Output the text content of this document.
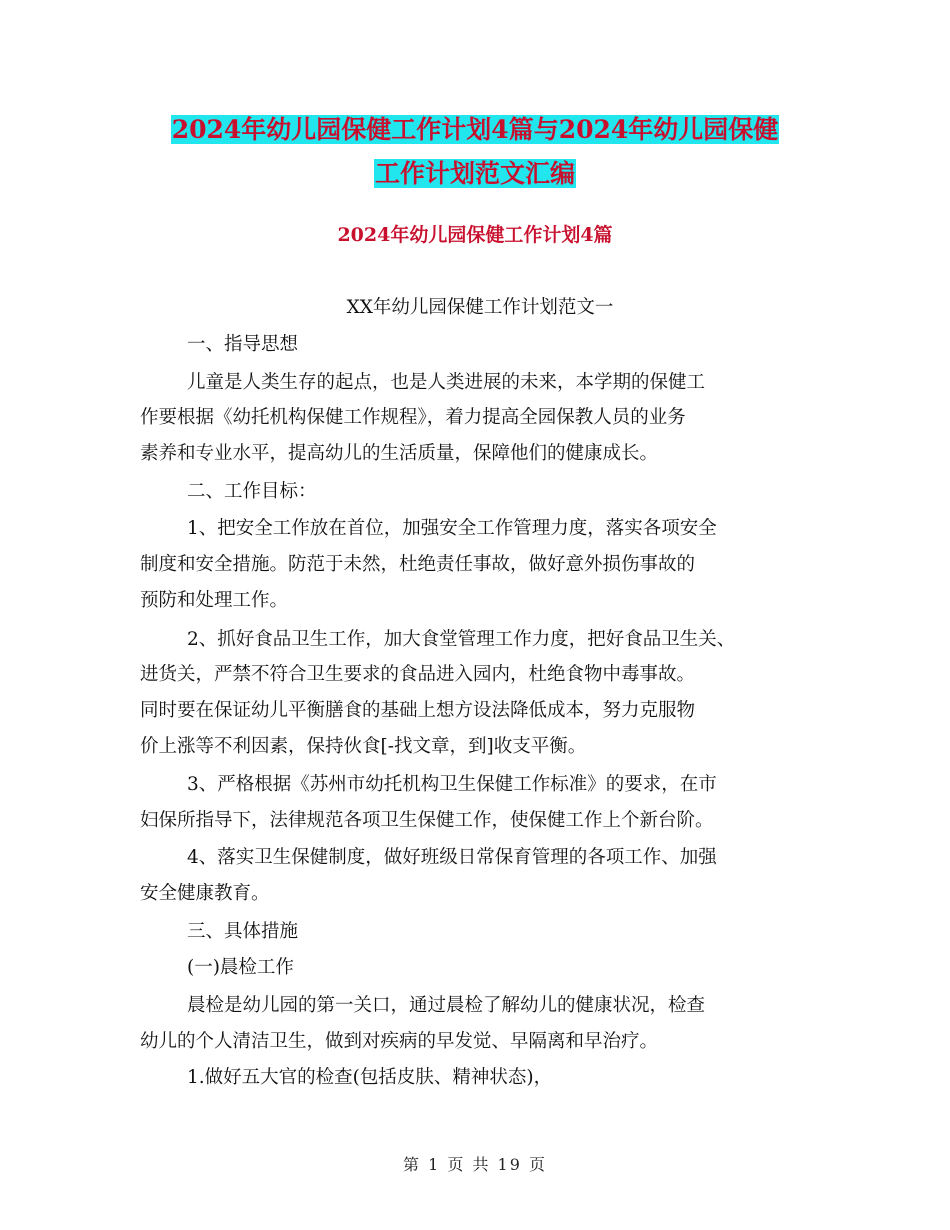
2024年幼儿园保健工作计划4篇与2024年幼儿园保健
工作计划范文汇编
2024年幼儿园保健工作计划4篇
XX年幼儿园保健工作计划范文一
一、指导思想
儿童是人类生存的起点，也是人类进展的未来，本学期的保健工
作要根据《幼托机构保健工作规程》，着力提高全园保教人员的业务
素养和专业水平，提高幼儿的生活质量，保障他们的健康成长。
二、工作目标：
1、把安全工作放在首位，加强安全工作管理力度，落实各项安全
制度和安全措施。防范于未然，杜绝责任事故，做好意外损伤事故的
预防和处理工作。
2、抓好食品卫生工作，加大食堂管理工作力度，把好食品卫生关、
进货关，严禁不符合卫生要求的食品进入园内，杜绝食物中毒事故。
同时要在保证幼儿平衡膳食的基础上想方设法降低成本，努力克服物
价上涨等不利因素，保持伙食[-找文章，到]收支平衡。
3、严格根据《苏州市幼托机构卫生保健工作标准》的要求，在市
妇保所指导下，法律规范各项卫生保健工作，使保健工作上个新台阶。
4、落实卫生保健制度，做好班级日常保育管理的各项工作、加强
安全健康教育。
三、具体措施
(一)晨检工作
晨检是幼儿园的第一关口，通过晨检了解幼儿的健康状况，检查
幼儿的个人清洁卫生，做到对疾病的早发觉、早隔离和早治疗。
1.做好五大官的检查(包括皮肤、精神状态)，
第 1 页 共 19 页
